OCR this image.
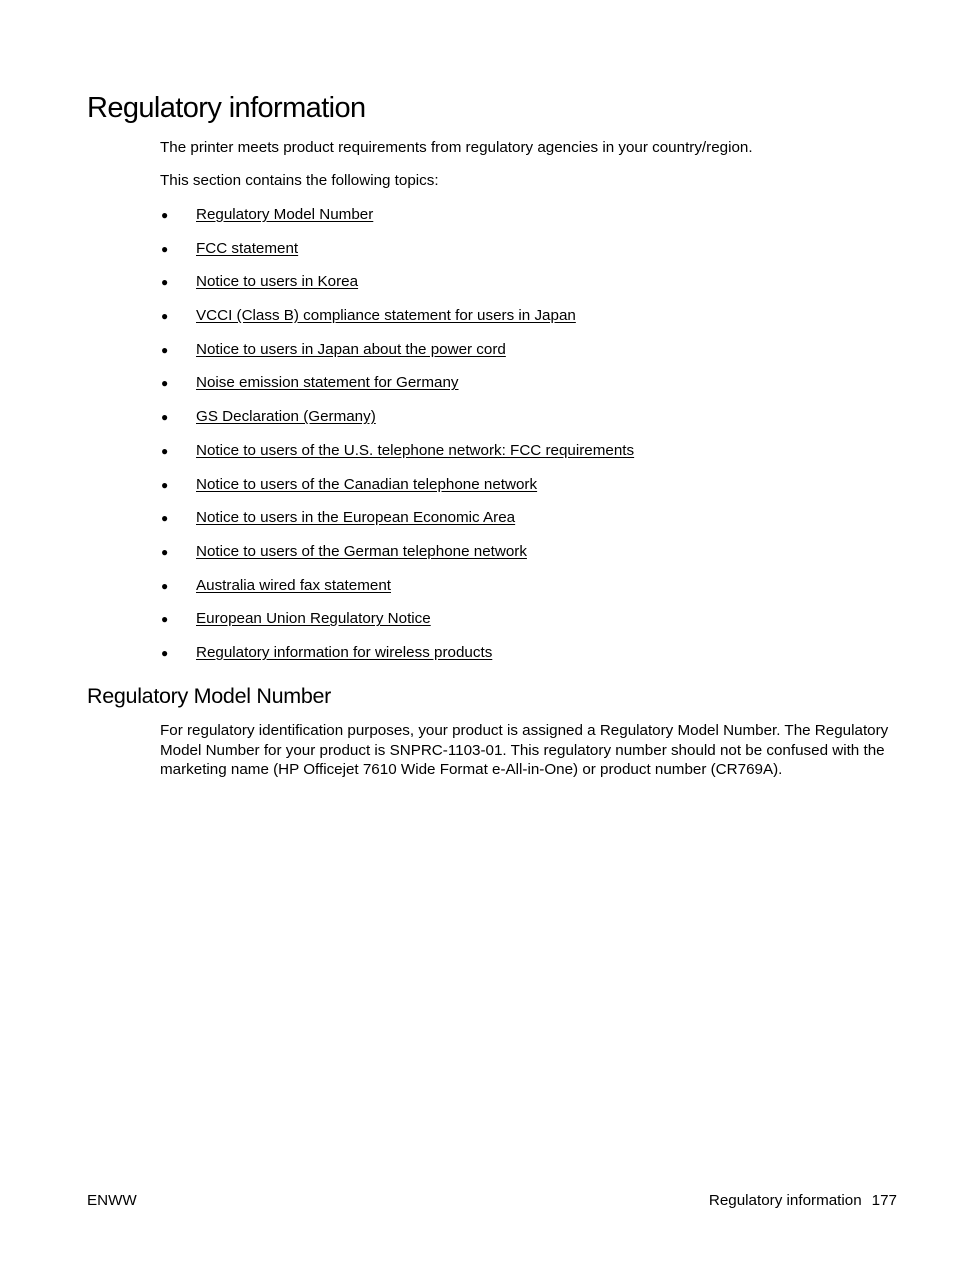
Regulatory information

The printer meets product requirements from regulatory agencies in your country/region.

This section contains the following topics:

● Regulatory Model Number
● FCC statement
● Notice to users in Korea
● VCCI (Class B) compliance statement for users in Japan
● Notice to users in Japan about the power cord
● Noise emission statement for Germany
● GS Declaration (Germany)
● Notice to users of the U.S. telephone network: FCC requirements
● Notice to users of the Canadian telephone network
● Notice to users in the European Economic Area
● Notice to users of the German telephone network
● Australia wired fax statement
● European Union Regulatory Notice
● Regulatory information for wireless products
Regulatory Model Number

For regulatory identification purposes, your product is assigned a Regulatory Model Number. The Regulatory Model Number for your product is SNPRC-1103-01. This regulatory number should not be confused with the marketing name (HP Officejet 7610 Wide Format e-All-in-One) or product number (CR769A).

ENWW	Regulatory information 177
